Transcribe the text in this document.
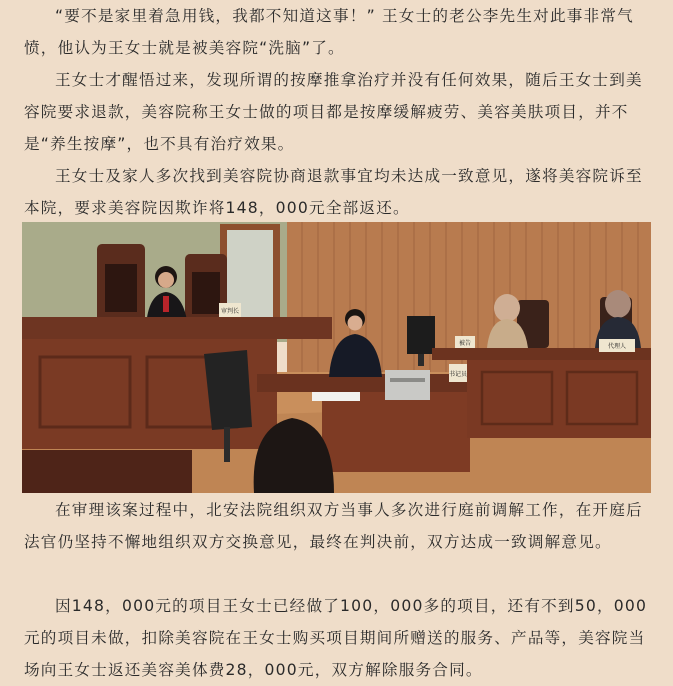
“要不是家里着急用钱，我都不知道这事！” 王女士的老公李先生对此事非常气愤，他认为王女士就是被美容院“洗脑”了。

王女士才醒悟过来，发现所谓的按摩推拿治疗并没有任何效果，随后王女士到美容院要求退款，美容院称王女士做的项目都是按摩缓解疲劳、美容美肤项目，并不是“养生按摩”，也不具有治疗效果。

王女士及家人多次找到美容院协商退款事宜均未达成一致意见，遂将美容院诉至本院，要求美容院因欺诈将148，000元全部返还。

审判长
书记员
被告	代理人

在审理该案过程中，北安法院组织双方当事人多次进行庭前调解工作，在开庭后法官仍坚持不懈地组织双方交换意见，最终在判决前，双方达成一致调解意见。

因148，000元的项目王女士已经做了100，000多的项目，还有不到50，000元的项目未做，扣除美容院在王女士购买项目期间所赠送的服务、产品等，美容院当场向王女士返还美容美体费28，000元，双方解除服务合同。
